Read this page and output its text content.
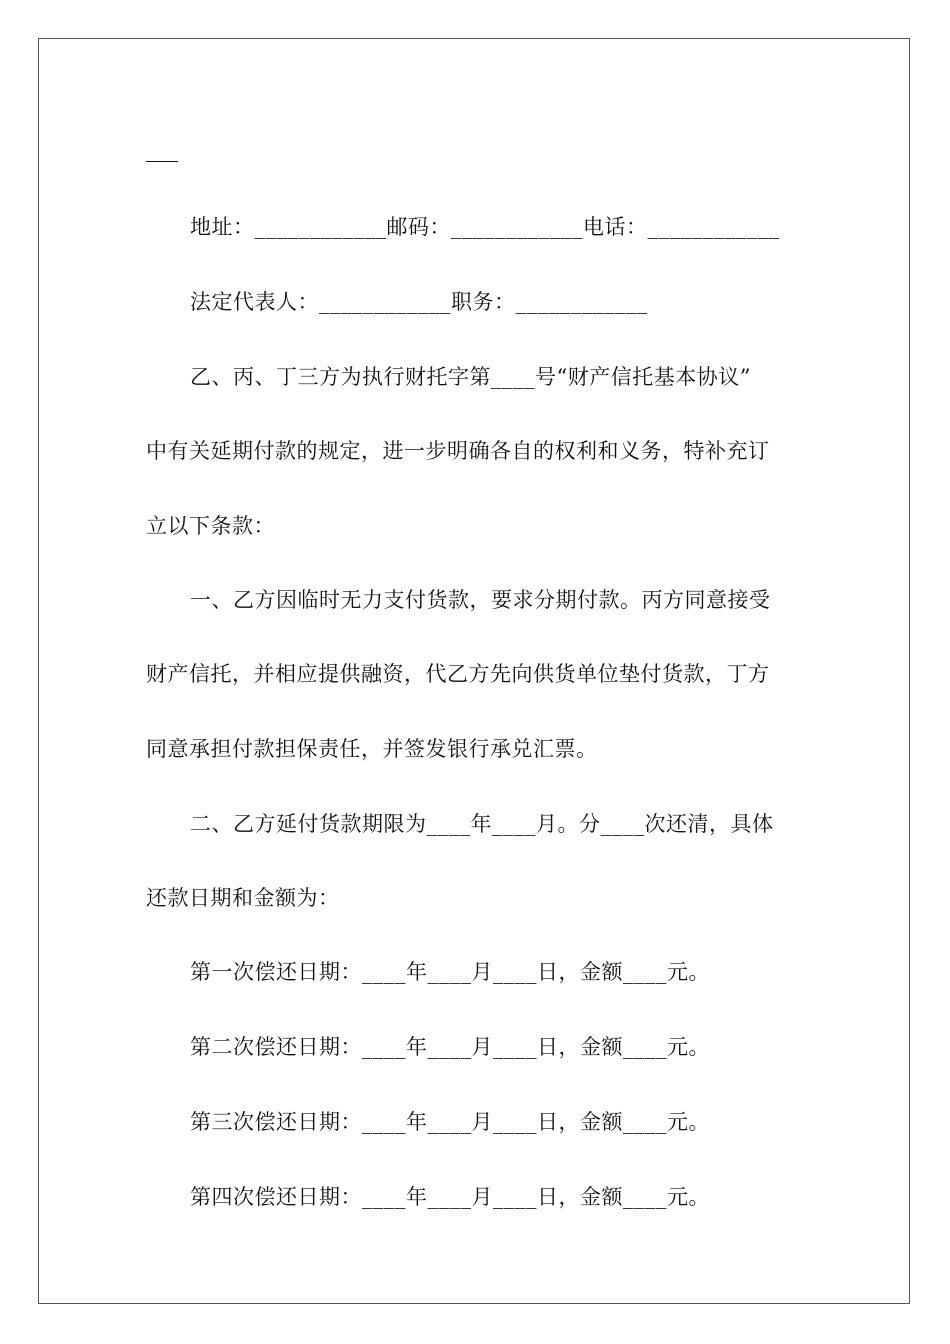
地址：____________邮码：____________电话：____________
法定代表人：____________职务：____________
乙、丙、丁三方为执行财托字第____号“财产信托基本协议”
中有关延期付款的规定，进一步明确各自的权利和义务，特补充订
立以下条款：
一、乙方因临时无力支付货款，要求分期付款。丙方同意接受
财产信托，并相应提供融资，代乙方先向供货单位垫付货款，丁方
同意承担付款担保责任，并签发银行承兑汇票。
二、乙方延付货款期限为____年____月。分____次还清，具体
还款日期和金额为：
第一次偿还日期：____年____月____日，金额____元。
第二次偿还日期：____年____月____日，金额____元。
第三次偿还日期：____年____月____日，金额____元。
第四次偿还日期：____年____月____日，金额____元。
